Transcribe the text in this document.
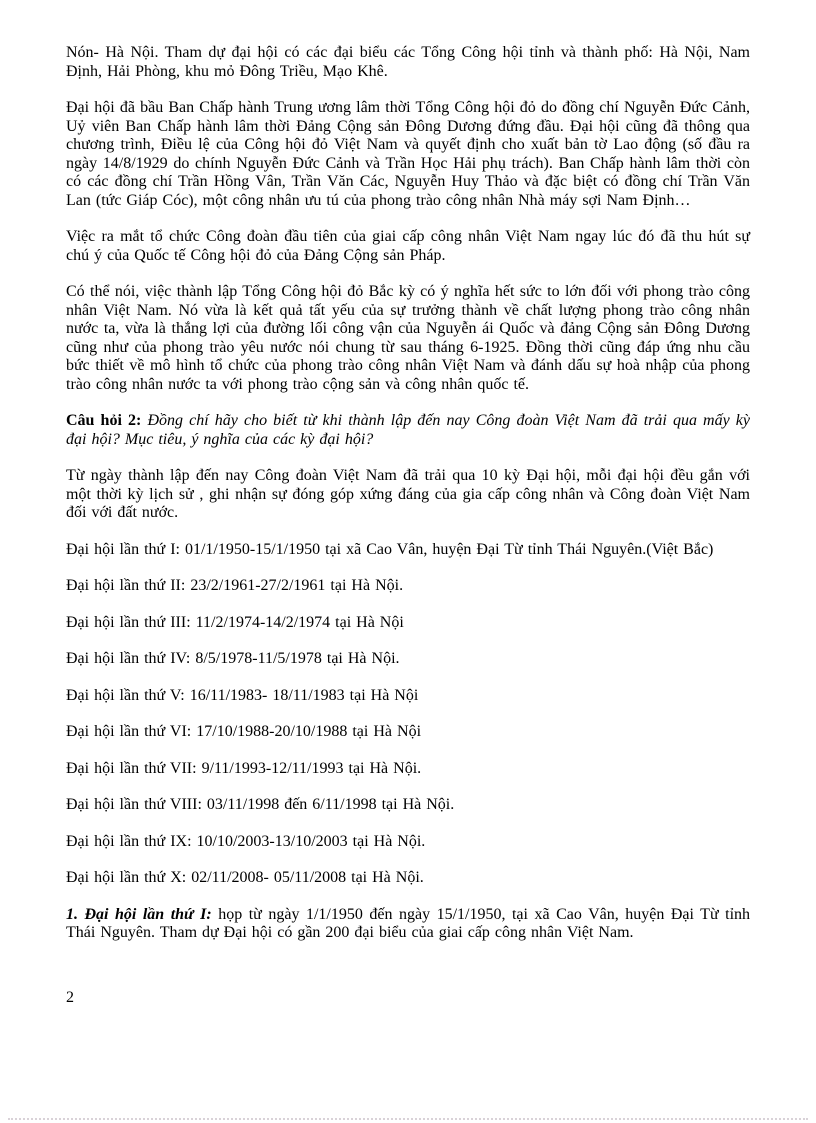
Nón- Hà Nội. Tham dự đại hội có các đại biểu các Tổng Công hội tỉnh và thành phố: Hà Nội, Nam Định, Hải Phòng, khu mỏ Đông Triều, Mạo Khê.

Đại hội đã bầu Ban Chấp hành Trung ương lâm thời Tổng Công hội đỏ do đồng chí Nguyễn Đức Cảnh, Uỷ viên Ban Chấp hành lâm thời Đảng Cộng sản Đông Dương đứng đầu. Đại hội cũng đã thông qua chương trình, Điều lệ của Công hội đỏ Việt Nam và quyết định cho xuất bản tờ Lao động (số đầu ra ngày 14/8/1929 do chính Nguyễn Đức Cảnh và Trần Học Hải phụ trách). Ban Chấp hành lâm thời còn có các đồng chí Trần Hồng Vân, Trần Văn Các, Nguyễn Huy Thảo và đặc biệt có đồng chí Trần Văn Lan (tức Giáp Cóc), một công nhân ưu tú của phong trào công nhân Nhà máy sợi Nam Định…

Việc ra mắt tổ chức Công đoàn đầu tiên của giai cấp công nhân Việt Nam ngay lúc đó đã thu hút sự chú ý của Quốc tế Công hội đỏ của Đảng Cộng sản Pháp.

Có thể nói, việc thành lập Tổng Công hội đỏ Bắc kỳ có ý nghĩa hết sức to lớn đối với phong trào công nhân Việt Nam. Nó vừa là kết quả tất yếu của sự trưởng thành về chất lượng phong trào công nhân nước ta, vừa là thắng lợi của đường lối công vận của Nguyễn ái Quốc và đảng Cộng sản Đông Dương cũng như của phong trào yêu nước nói chung từ sau tháng 6-1925. Đồng thời cũng đáp ứng nhu cầu bức thiết về mô hình tổ chức của phong trào công nhân Việt Nam và đánh dấu sự hoà nhập của phong trào công nhân nước ta với phong trào cộng sản và công nhân quốc tế.

Câu hỏi 2: Đồng chí hãy cho biết từ khi thành lập đến nay Công đoàn Việt Nam đã trải qua mấy kỳ đại hội? Mục tiêu, ý nghĩa của các kỳ đại hội?

Từ ngày thành lập đến nay Công đoàn Việt Nam đã trải qua 10 kỳ Đại hội, mỗi đại hội đều gắn với một thời kỳ lịch sử , ghi nhận sự đóng góp xứng đáng của gia cấp công nhân và Công đoàn Việt Nam đối với đất nước.

Đại hội lần thứ I: 01/1/1950-15/1/1950 tại xã Cao Vân, huyện Đại Từ tỉnh Thái Nguyên.(Việt Bắc)

Đại hội lần thứ II: 23/2/1961-27/2/1961 tại Hà Nội.

Đại hội lần thứ III: 11/2/1974-14/2/1974 tại Hà Nội

Đại hội lần thứ IV: 8/5/1978-11/5/1978 tại Hà Nội.

Đại hội lần thứ V: 16/11/1983- 18/11/1983 tại Hà Nội

Đại hội lần thứ VI: 17/10/1988-20/10/1988 tại Hà Nội

Đại hội lần thứ VII: 9/11/1993-12/11/1993 tại Hà Nội.

Đại hội lần thứ VIII: 03/11/1998 đến 6/11/1998 tại Hà Nội.

Đại hội lần thứ IX: 10/10/2003-13/10/2003 tại Hà Nội.

Đại hội lần thứ X: 02/11/2008- 05/11/2008 tại Hà Nội.

1. Đại hội lần thứ I: họp từ ngày 1/1/1950 đến ngày 15/1/1950, tại xã Cao Vân, huyện Đại Từ tỉnh Thái Nguyên. Tham dự Đại hội có gần 200 đại biểu của giai cấp công nhân Việt Nam.

2
